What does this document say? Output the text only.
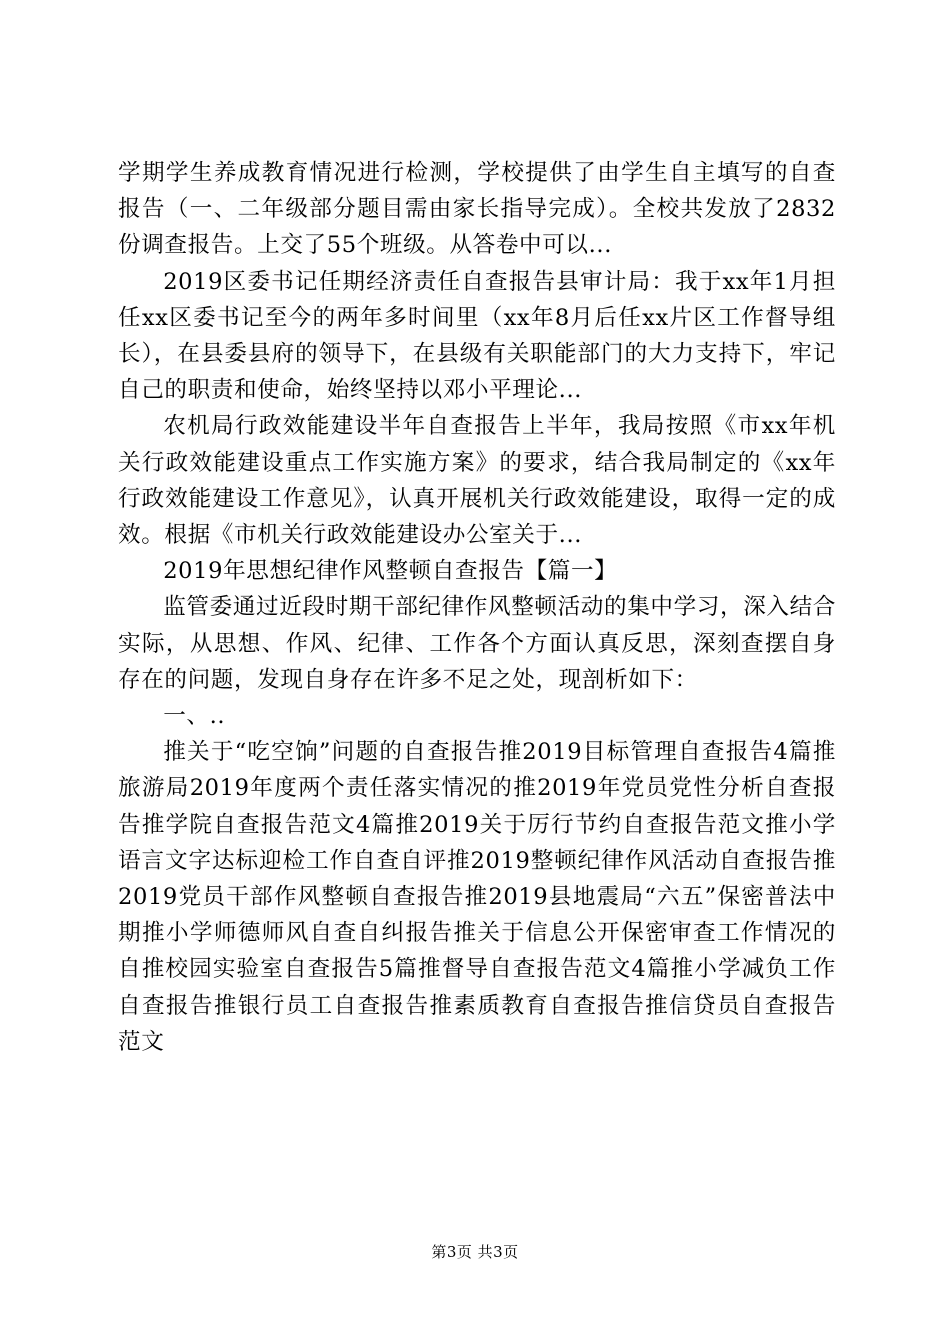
学期学生养成教育情况进行检测，学校提供了由学生自主填写的自查报告（一、二年级部分题目需由家长指导完成）。全校共发放了2832份调查报告。上交了55个班级。从答卷中可以...

2019区委书记任期经济责任自查报告县审计局：我于xx年1月担任xx区委书记至今的两年多时间里（xx年8月后任xx片区工作督导组长），在县委县府的领导下，在县级有关职能部门的大力支持下，牢记自己的职责和使命，始终坚持以邓小平理论...

农机局行政效能建设半年自查报告上半年，我局按照《市xx年机关行政效能建设重点工作实施方案》的要求，结合我局制定的《xx年行政效能建设工作意见》，认真开展机关行政效能建设，取得一定的成效。根据《市机关行政效能建设办公室关于...

2019年思想纪律作风整顿自查报告【篇一】

监管委通过近段时期干部纪律作风整顿活动的集中学习，深入结合实际，从思想、作风、纪律、工作各个方面认真反思，深刻查摆自身存在的问题，发现自身存在许多不足之处，现剖析如下：

一、..

推关于“吃空饷”问题的自查报告推2019目标管理自查报告4篇推旅游局2019年度两个责任落实情况的推2019年党员党性分析自查报告推学院自查报告范文4篇推2019关于厉行节约自查报告范文推小学语言文字达标迎检工作自查自评推2019整顿纪律作风活动自查报告推2019党员干部作风整顿自查报告推2019县地震局“六五”保密普法中期推小学师德师风自查自纠报告推关于信息公开保密审查工作情况的自推校园实验室自查报告5篇推督导自查报告范文4篇推小学减负工作自查报告推银行员工自查报告推素质教育自查报告推信贷员自查报告范文

第3页 共3页
